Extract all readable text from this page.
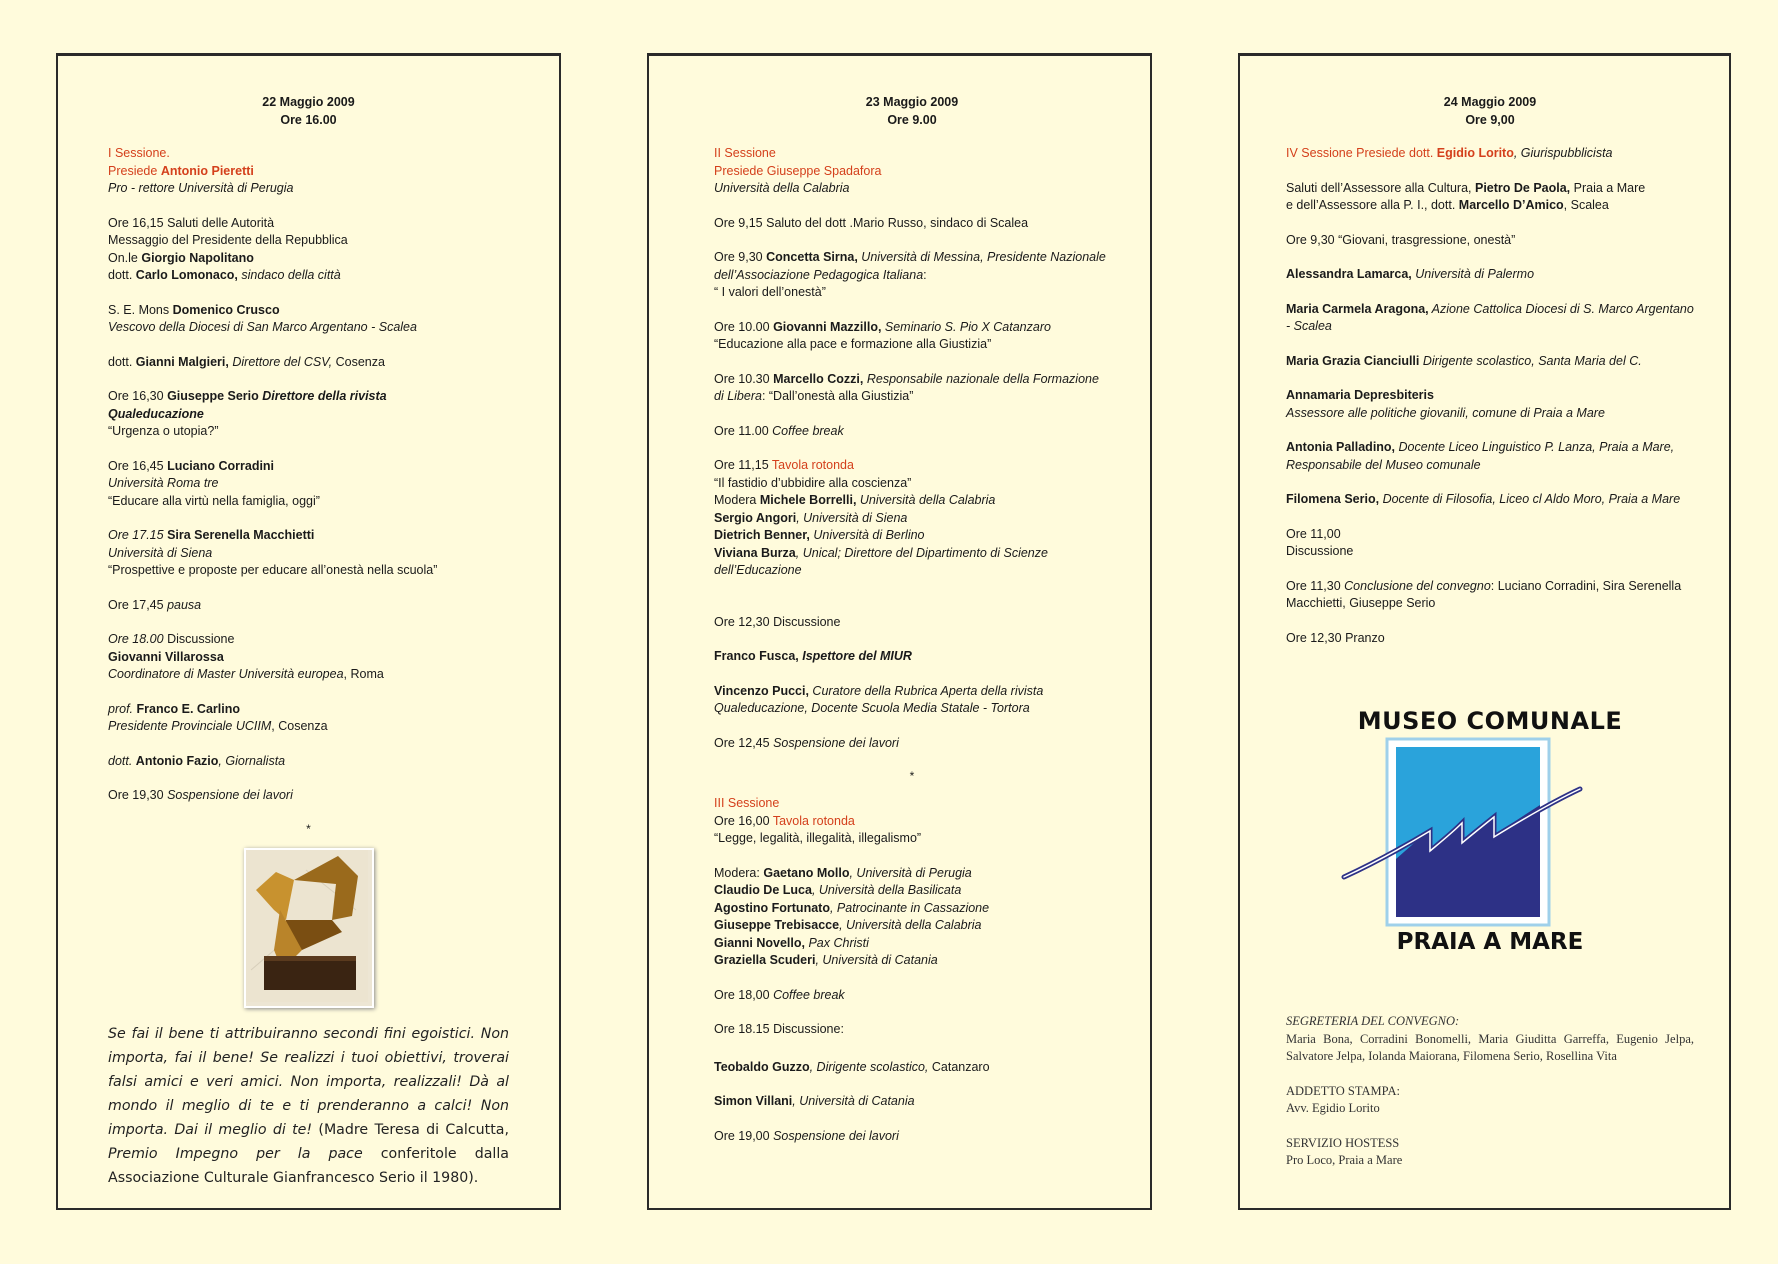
22 Maggio 2009
Ore 16.00

I Sessione.

Presiede Antonio Pieretti

Pro - rettore Università di Perugia

Ore 16,15 Saluti delle Autorità

Messaggio del Presidente della Repubblica

On.le Giorgio Napolitano

dott. Carlo Lomonaco, sindaco della città

S. E. Mons Domenico Crusco

Vescovo della Diocesi di San Marco Argentano - Scalea

dott. Gianni Malgieri, Direttore del CSV, Cosenza

Ore 16,30 Giuseppe Serio Direttore della rivista

Qualeducazione

“Urgenza o utopia?”

Ore 16,45 Luciano Corradini

Università Roma tre

“Educare alla virtù nella famiglia, oggi”

Ore 17.15 Sira Serenella Macchietti

Università di Siena

“Prospettive e proposte per educare all’onestà nella scuola”

Ore 17,45 pausa

Ore 18.00 Discussione

Giovanni Villarossa

Coordinatore di Master Università europea, Roma

prof. Franco E. Carlino

Presidente Provinciale UCIIM, Cosenza

dott. Antonio Fazio, Giornalista

Ore 19,30 Sospensione dei lavori

*
Se fai il bene ti attribuiranno secondi fini egoistici. Non importa, fai il bene! Se realizzi i tuoi obiettivi, troverai falsi amici e veri amici. Non importa, realizzali! Dà al mondo il meglio di te e ti prenderanno a calci! Non importa. Dai il meglio di te! (Madre Teresa di Calcutta, Premio Impegno per la pace conferitole dalla Associazione Culturale Gianfrancesco Serio il 1980).
23 Maggio 2009
Ore 9.00

II Sessione

Presiede Giuseppe Spadafora

Università della Calabria

Ore 9,15 Saluto del dott .Mario Russo, sindaco di Scalea

Ore 9,30 Concetta Sirna, Università di Messina, Presidente Nazionale dell’Associazione Pedagogica Italiana:

“ I valori dell’onestà”

Ore 10.00 Giovanni Mazzillo, Seminario S. Pio X Catanzaro

“Educazione alla pace e formazione alla Giustizia”

Ore 10.30 Marcello Cozzi, Responsabile nazionale della Formazione di Libera: “Dall’onestà alla Giustizia”

Ore 11.00 Coffee break

Ore 11,15 Tavola rotonda

“Il fastidio d’ubbidire alla coscienza”

Modera Michele Borrelli, Università della Calabria

Sergio Angori, Università di Siena

Dietrich Benner, Università di Berlino

Viviana Burza, Unical; Direttore del Dipartimento di Scienze dell’Educazione

Ore 12,30 Discussione

Franco Fusca, Ispettore del MIUR

Vincenzo Pucci, Curatore della Rubrica Aperta della rivista Qualeducazione, Docente Scuola Media Statale - Tortora

Ore 12,45 Sospensione dei lavori

*

III Sessione

Ore 16,00 Tavola rotonda

“Legge, legalità, illegalità, illegalismo”

Modera: Gaetano Mollo, Università di Perugia

Claudio De Luca, Università della Basilicata

Agostino Fortunato, Patrocinante in Cassazione

Giuseppe Trebisacce, Università della Calabria

Gianni Novello, Pax Christi

Graziella Scuderi, Università di Catania

Ore 18,00 Coffee break

Ore 18.15 Discussione:

Teobaldo Guzzo, Dirigente scolastico, Catanzaro

Simon Villani, Università di Catania

Ore 19,00 Sospensione dei lavori

24 Maggio 2009
Ore 9,00

IV Sessione Presiede dott. Egidio Lorito, Giurispubblicista

Saluti dell’Assessore alla Cultura, Pietro De Paola, Praia a Mare

e dell’Assessore alla P. I., dott. Marcello D’Amico, Scalea

Ore 9,30 “Giovani, trasgressione, onestà”

Alessandra Lamarca, Università di Palermo

Maria Carmela Aragona, Azione Cattolica Diocesi di S. Marco Argentano - Scalea

Maria Grazia Cianciulli Dirigente scolastico, Santa Maria del C.

Annamaria Depresbiteris

Assessore alle politiche giovanili, comune di Praia a Mare

Antonia Palladino, Docente Liceo Linguistico P. Lanza, Praia a Mare, Responsabile del Museo comunale

Filomena Serio, Docente di Filosofia, Liceo cl Aldo Moro, Praia a Mare

Ore 11,00

Discussione

Ore 11,30 Conclusione del convegno: Luciano Corradini, Sira Serenella Macchietti, Giuseppe Serio

Ore 12,30 Pranzo

MUSEO COMUNALE
PRAIA A MARE

SEGRETERIA DEL CONVEGNO:

Maria Bona, Corradini Bonomelli, Maria Giuditta Garreffa, Eugenio Jelpa, Salvatore Jelpa, Iolanda Maiorana, Filomena Serio, Rosellina Vita

ADDETTO STAMPA:

Avv. Egidio Lorito

SERVIZIO HOSTESS

Pro Loco, Praia a Mare
